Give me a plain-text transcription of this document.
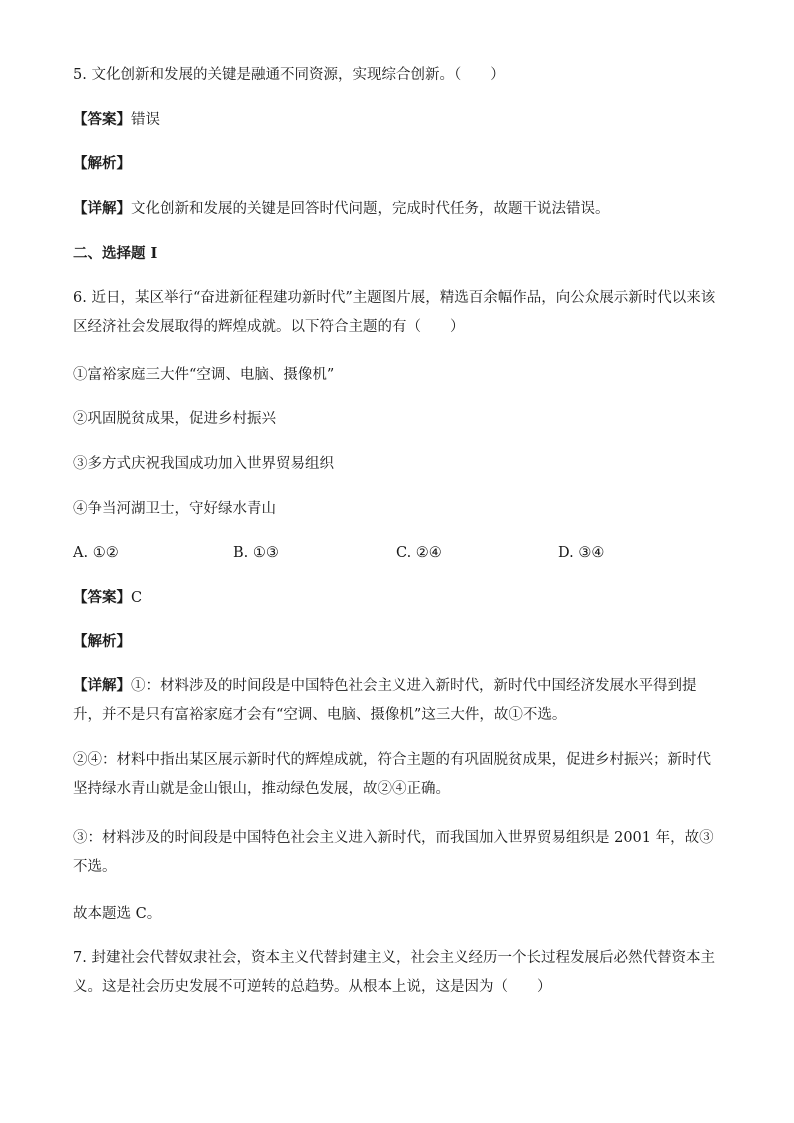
5. 文化创新和发展的关键是融通不同资源，实现综合创新。（　　）
【答案】错误
【解析】
【详解】文化创新和发展的关键是回答时代问题，完成时代任务，故题干说法错误。
二、选择题 I
6. 近日，某区举行“奋进新征程建功新时代”主题图片展，精选百余幅作品，向公众展示新时代以来该区经济社会发展取得的辉煌成就。以下符合主题的有（　　）
①富裕家庭三大件“空调、电脑、摄像机”
②巩固脱贫成果，促进乡村振兴
③多方式庆祝我国成功加入世界贸易组织
④争当河湖卫士，守好绿水青山
A. ①②	B. ①③	C. ②④	D. ③④
【答案】C
【解析】
【详解】①：材料涉及的时间段是中国特色社会主义进入新时代，新时代中国经济发展水平得到提升，并不是只有富裕家庭才会有“空调、电脑、摄像机”这三大件，故①不选。
②④：材料中指出某区展示新时代的辉煌成就，符合主题的有巩固脱贫成果，促进乡村振兴；新时代坚持绿水青山就是金山银山，推动绿色发展，故②④正确。
③：材料涉及的时间段是中国特色社会主义进入新时代，而我国加入世界贸易组织是 2001 年，故③不选。
故本题选 C。
7. 封建社会代替奴隶社会，资本主义代替封建主义，社会主义经历一个长过程发展后必然代替资本主义。这是社会历史发展不可逆转的总趋势。从根本上说，这是因为（　　）
